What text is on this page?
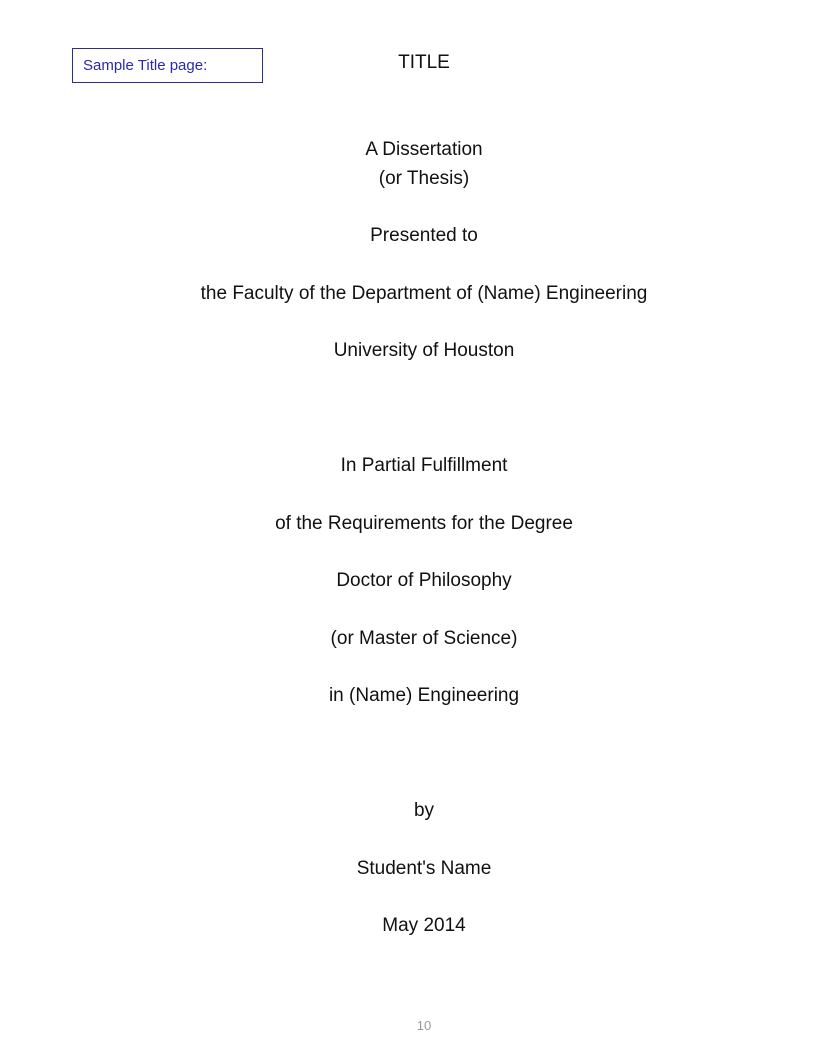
Sample Title page:	TITLE
A Dissertation
(or Thesis)
Presented to
the Faculty of the Department of (Name) Engineering
University of Houston
In Partial Fulfillment
of the Requirements for the Degree
Doctor of Philosophy
(or Master of Science)
in (Name) Engineering
by
Student's Name
May 2014
10
